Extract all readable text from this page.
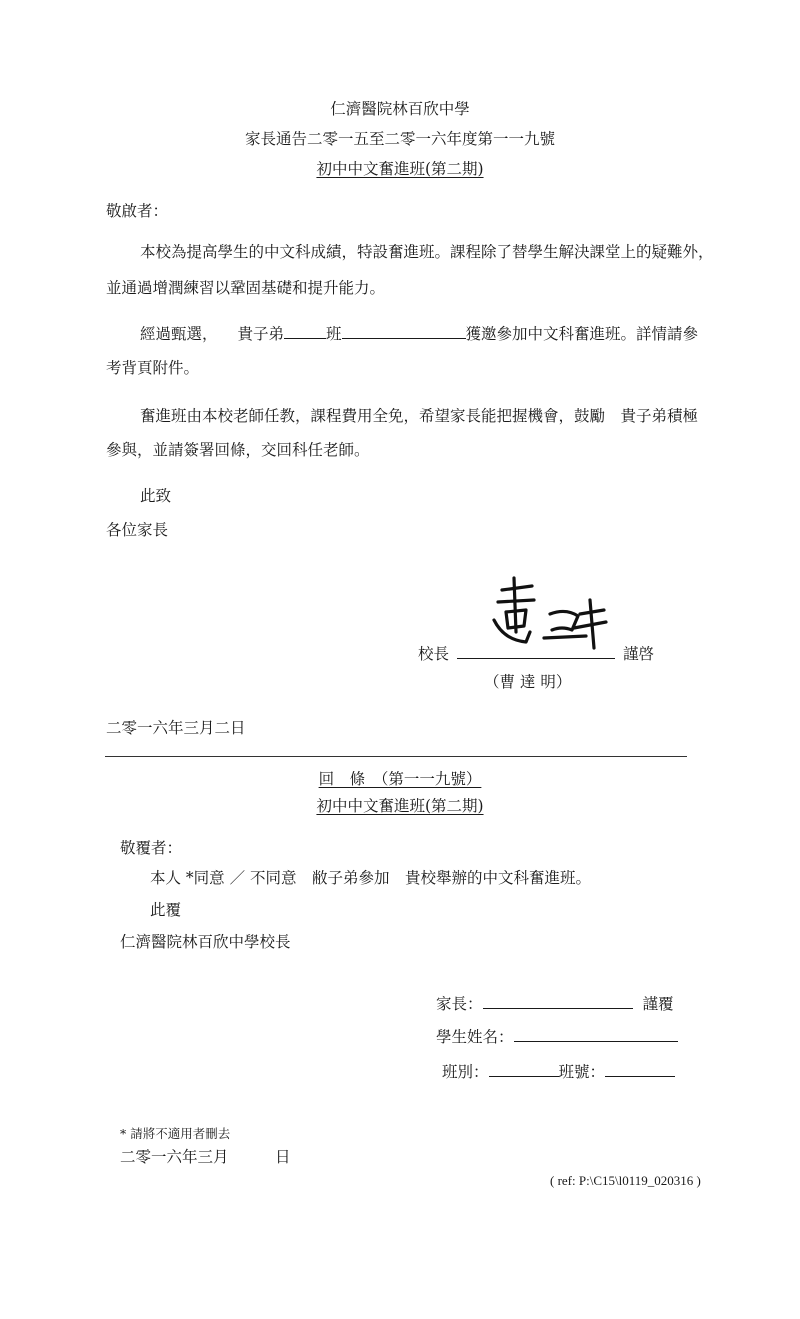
仁濟醫院林百欣中學
家長通告二零一五至二零一六年度第一一九號
初中中文奮進班(第二期)
敬啟者：
本校為提高學生的中文科成績，特設奮進班。課程除了替學生解決課堂上的疑難外，
並通過增潤練習以鞏固基礎和提升能力。
經過甄選， 貴子弟	班	獲邀參加中文科奮進班。詳情請參
考背頁附件。
奮進班由本校老師任教，課程費用全免，希望家長能把握機會，鼓勵　貴子弟積極
參與，並請簽署回條，交回科任老師。
此致
各位家長
校長	謹啓
（曹 達 明）
二零一六年三月二日
回　條　（第一一九號）
初中中文奮進班(第二期)
敬覆者：
本人 *同意 ／ 不同意　敝子弟參加　貴校舉辦的中文科奮進班。
此覆
仁濟醫院林百欣中學校長
家長：	謹覆
學生姓名：
班別：	班號：
* 請將不適用者刪去
二零一六年三月　　　日
( ref: P:\C15\l0119_020316 )
